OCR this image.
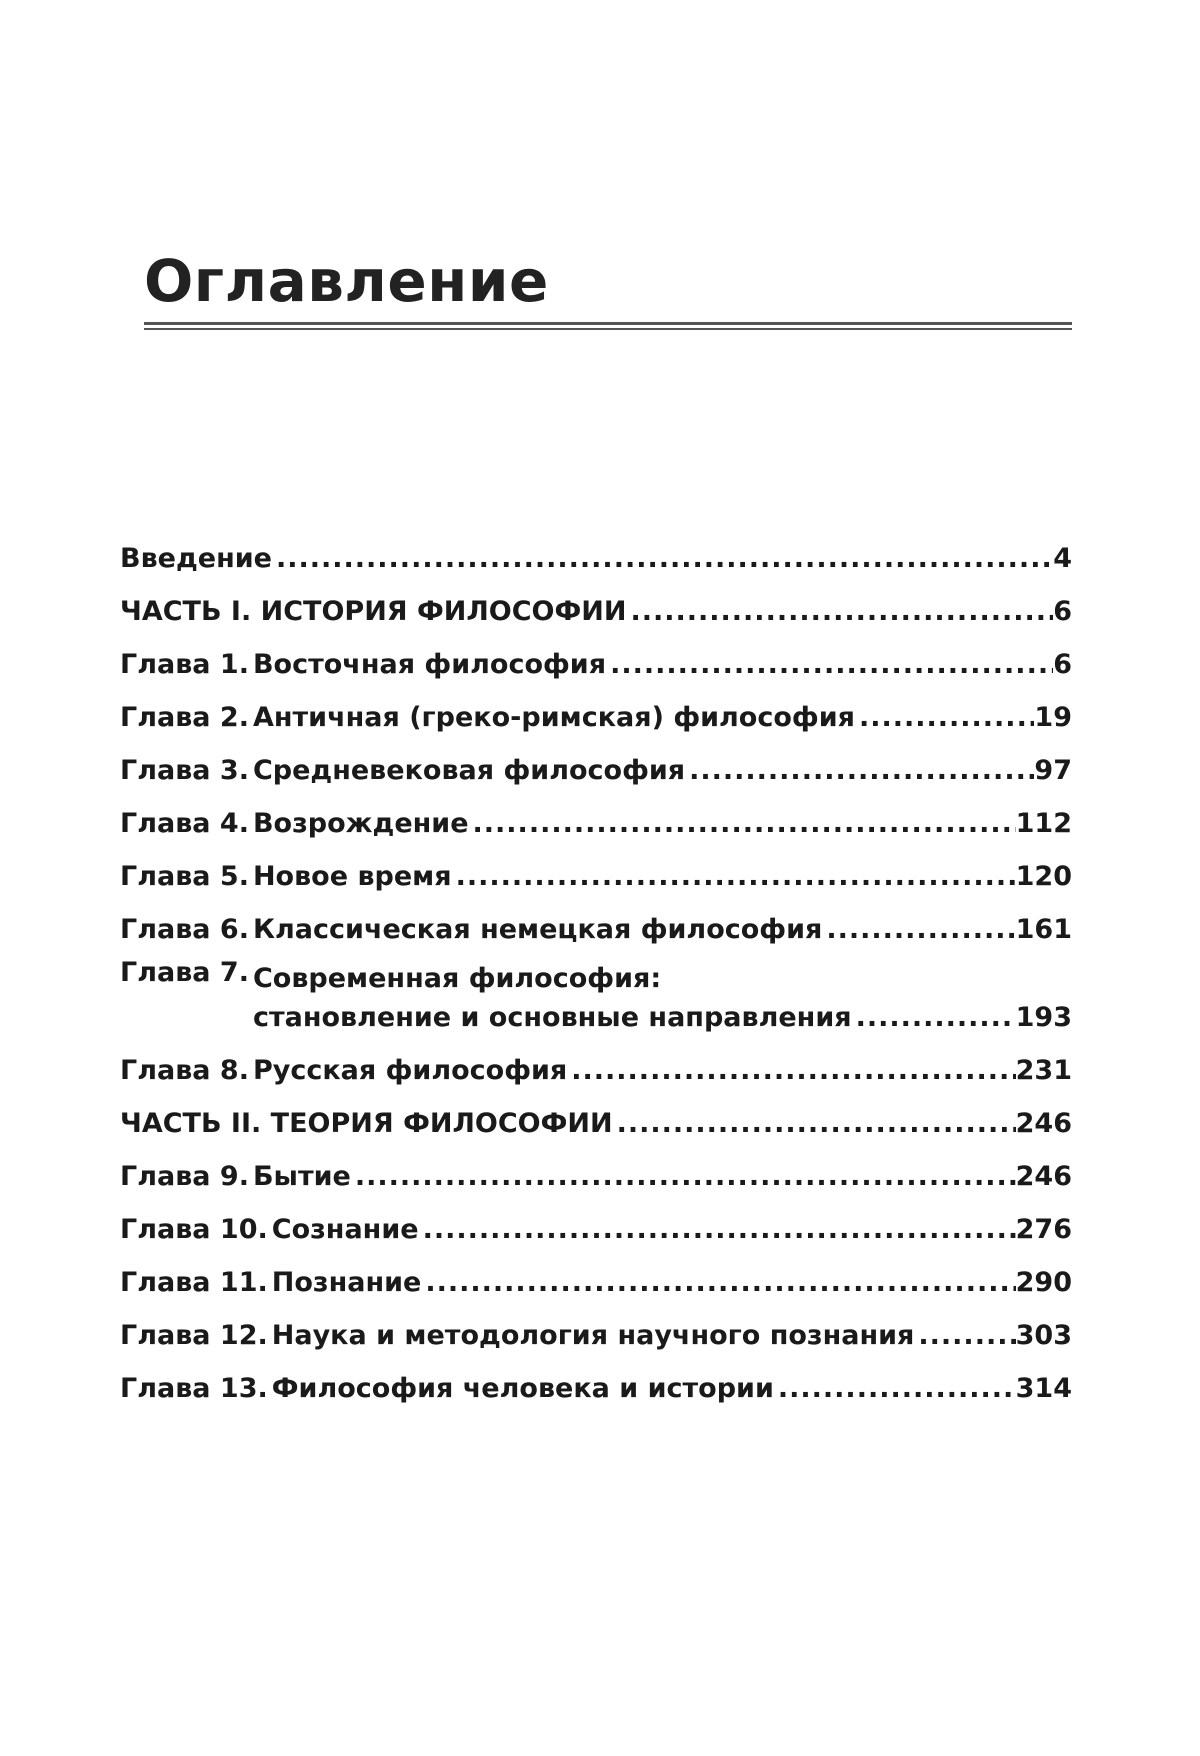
Оглавление
Введение .....	4
ЧАСТЬ I. ИСТОРИЯ ФИЛОСОФИИ .....	6
Глава 1. Восточная философия .....	6
Глава 2. Античная (греко-римская) философия .....	19
Глава 3. Средневековая философия .....	97
Глава 4. Возрождение .....	112
Глава 5. Новое время .....	120
Глава 6. Классическая немецкая философия .....	161
Глава 7. Современная философия:
становление и основные направления .....	193
Глава 8. Русская философия .....	231
ЧАСТЬ II. ТЕОРИЯ ФИЛОСОФИИ .....	246
Глава 9. Бытие .....	246
Глава 10. Сознание .....	276
Глава 11. Познание .....	290
Глава 12. Наука и методология научного познания .....	303
Глава 13. Философия человека и истории .....	314
